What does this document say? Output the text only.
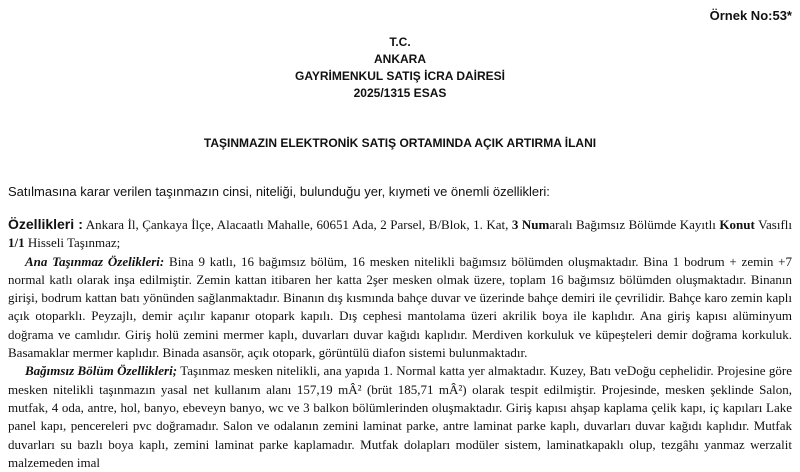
Örnek No:53*
T.C.
ANKARA
GAYRİMENKUL SATIŞ İCRA DAİRESİ
2025/1315 ESAS
TAŞINMAZIN ELEKTRONİK SATIŞ ORTAMINDA AÇIK ARTIRMA İLANI
Satılmasına karar verilen taşınmazın cinsi, niteliği, bulunduğu yer, kıymeti ve önemli özellikleri:

Özellikleri : Ankara İl, Çankaya İlçe, Alacaatlı Mahalle, 60651 Ada, 2 Parsel, B/Blok, 1. Kat, 3 Numaralı Bağımsız Bölümde Kayıtlı Konut Vasıflı 1/1 Hisseli Taşınmaz;

Ana Taşınmaz Özelikleri: Bina 9 katlı, 16 bağımsız bölüm, 16 mesken nitelikli bağımsız bölümden oluşmaktadır. Bina 1 bodrum + zemin +7 normal katlı olarak inşa edilmiştir. Zemin kattan itibaren her katta 2şer mesken olmak üzere, toplam 16 bağımsız bölümden oluşmaktadır. Binanın girişi, bodrum kattan batı yönünden sağlanmaktadır. Binanın dış kısmında bahçe duvar ve üzerinde bahçe demiri ile çevrilidir. Bahçe karo zemin kaplı açık otoparklı. Peyzajlı, demir açılır kapanır otopark kapılı. Dış cephesi mantolama üzeri akrilik boya ile kaplıdır. Ana giriş kapısı alüminyum doğrama ve camlıdır. Giriş holü zemini mermer kaplı, duvarları duvar kağıdı kaplıdır. Merdiven korkuluk ve küpeşteleri demir doğrama korkuluk. Basamaklar mermer kaplıdır. Binada asansör, açık otopark, görüntülü diafon sistemi bulunmaktadır.

Bağımsız Bölüm Özellikleri; Taşınmaz mesken nitelikli, ana yapıda 1. Normal katta yer almaktadır. Kuzey, Batı veDoğu cephelidir. Projesine göre mesken nitelikli taşınmazın yasal net kullanım alanı 157,19 mÂ² (brüt 185,71 mÂ²) olarak tespit edilmiştir. Projesinde, mesken şeklinde Salon, mutfak, 4 oda, antre, hol, banyo, ebeveyn banyo, wc ve 3 balkon bölümlerinden oluşmaktadır. Giriş kapısı ahşap kaplama çelik kapı, iç kapıları Lake panel kapı, pencereleri pvc doğramadır. Salon ve odalanın zemini laminat parke, antre laminat parke kaplı, duvarları duvar kağıdı kaplıdır. Mutfak duvarları su bazlı boya kaplı, zemini laminat parke kaplamadır. Mutfak dolapları modüler sistem, laminatkapaklı olup, tezgâhı yanmaz werzalit malzemeden imal
